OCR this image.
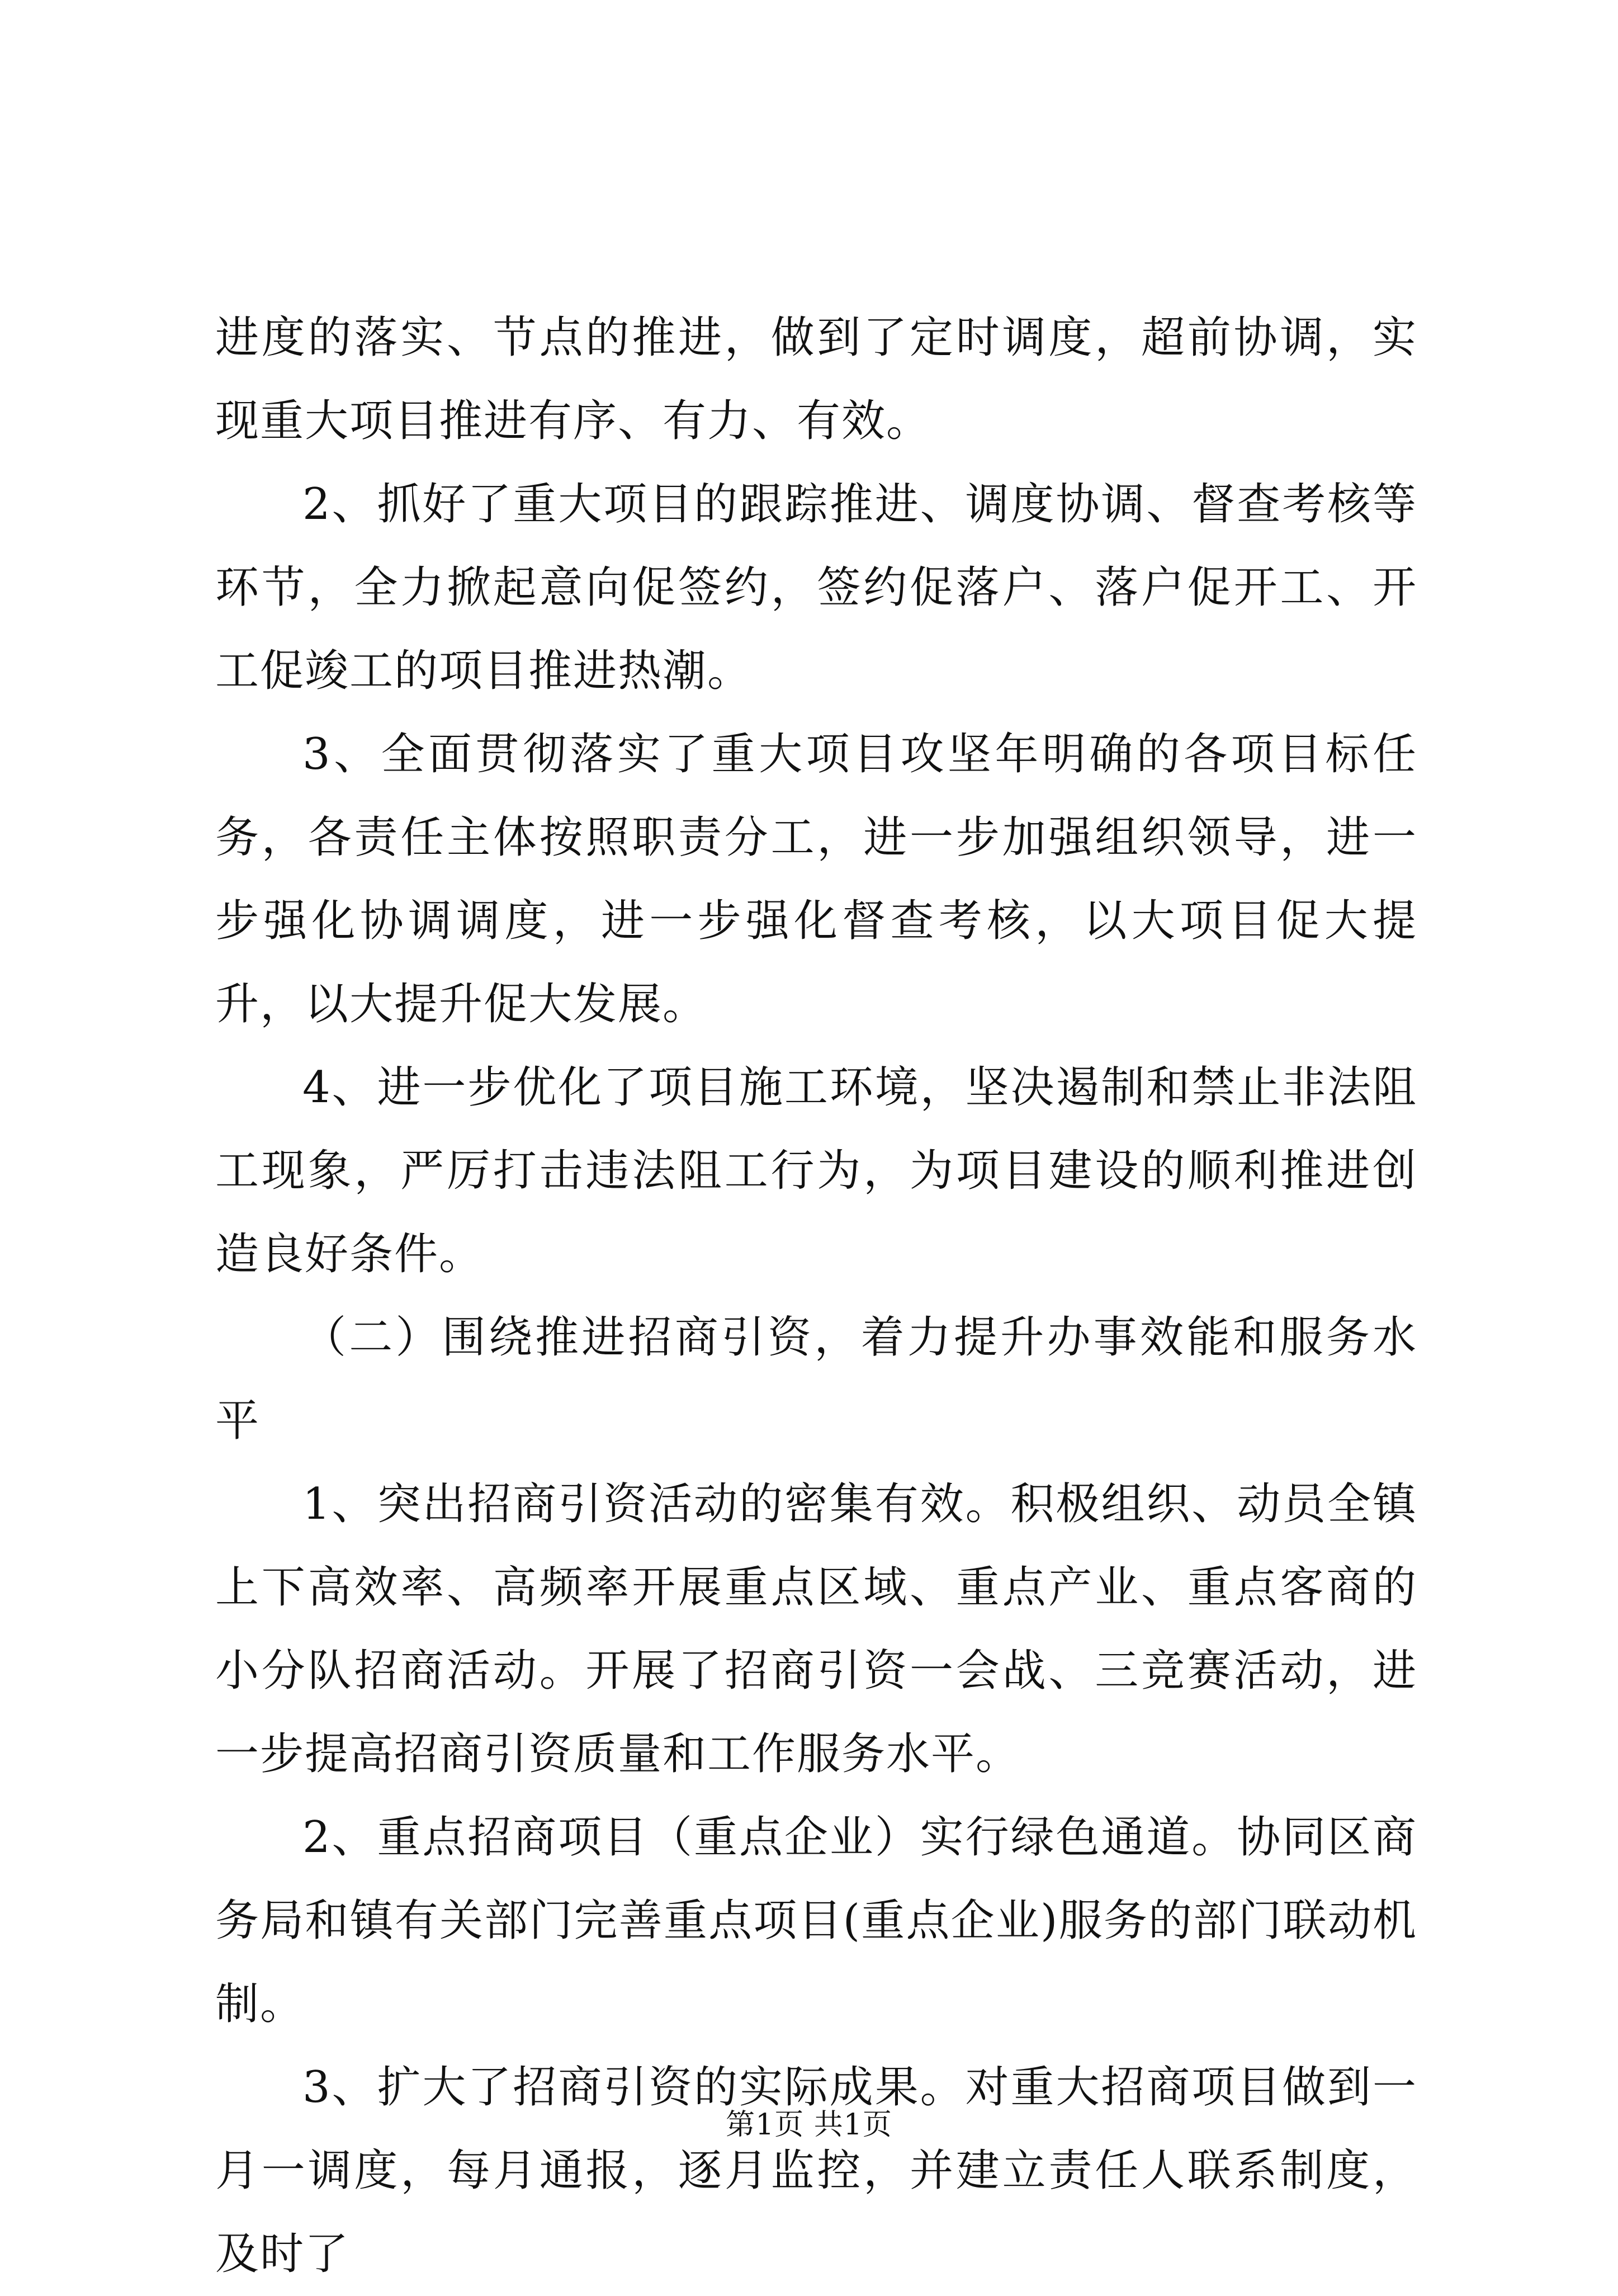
进度的落实、节点的推进，做到了定时调度，超前协调，实现重大项目推进有序、有力、有效。

2、抓好了重大项目的跟踪推进、调度协调、督查考核等环节，全力掀起意向促签约，签约促落户、落户促开工、开工促竣工的项目推进热潮。

3、全面贯彻落实了重大项目攻坚年明确的各项目标任务，各责任主体按照职责分工，进一步加强组织领导，进一步强化协调调度，进一步强化督查考核，以大项目促大提升，以大提升促大发展。

4、进一步优化了项目施工环境，坚决遏制和禁止非法阻工现象，严厉打击违法阻工行为，为项目建设的顺利推进创造良好条件。

（二）围绕推进招商引资，着力提升办事效能和服务水平

1、突出招商引资活动的密集有效。积极组织、动员全镇上下高效率、高频率开展重点区域、重点产业、重点客商的小分队招商活动。开展了招商引资一会战、三竞赛活动，进一步提高招商引资质量和工作服务水平。

2、重点招商项目（重点企业）实行绿色通道。协同区商务局和镇有关部门完善重点项目(重点企业)服务的部门联动机制。

3、扩大了招商引资的实际成果。对重大招商项目做到一月一调度，每月通报，逐月监控，并建立责任人联系制度，及时了

第1页 共1页
